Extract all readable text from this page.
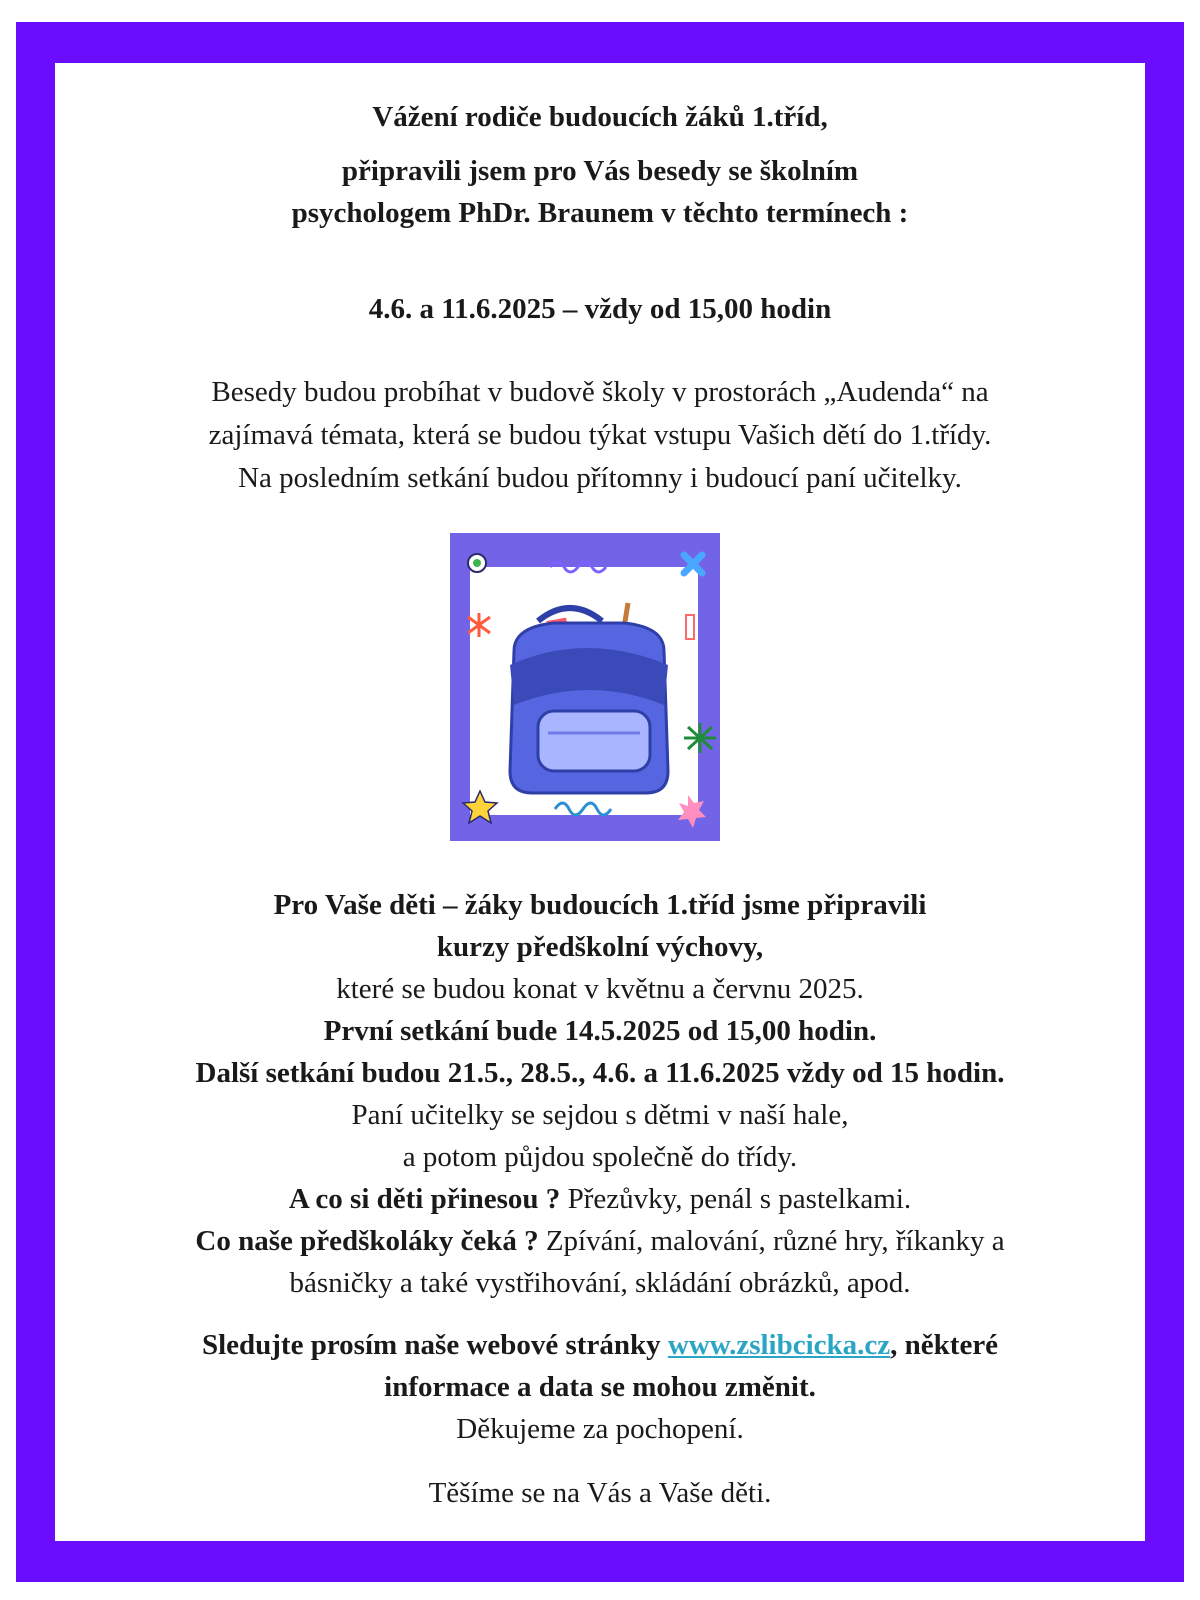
Vážení rodiče budoucích žáků 1.tříd,
připravili jsem pro Vás besedy se školním
psychologem PhDr. Braunem v těchto termínech :
4.6. a 11.6.2025 – vždy od 15,00 hodin
Besedy budou probíhat v budově školy v prostorách „Audenda“ na
zajímavá témata, která se budou týkat vstupu Vašich dětí do 1.třídy.
Na posledním setkání budou přítomny i budoucí paní učitelky.
Pro Vaše děti – žáky budoucích 1.tříd jsme připravili
kurzy předškolní výchovy,
které se budou konat v květnu a červnu 2025.
První setkání bude 14.5.2025 od 15,00 hodin.
Další setkání budou 21.5., 28.5., 4.6. a 11.6.2025 vždy od 15 hodin.
Paní učitelky se sejdou s dětmi v naší hale,
a potom půjdou společně do třídy.
A co si děti přinesou ? Přezůvky, penál s pastelkami.
Co naše předškoláky čeká ? Zpívání, malování, různé hry, říkanky a
básničky a také vystřihování, skládání obrázků, apod.
Sledujte prosím naše webové stránky www.zslibcicka.cz, některé
informace a data se mohou změnit.
Děkujeme za pochopení.
Těšíme se na Vás a Vaše děti.
